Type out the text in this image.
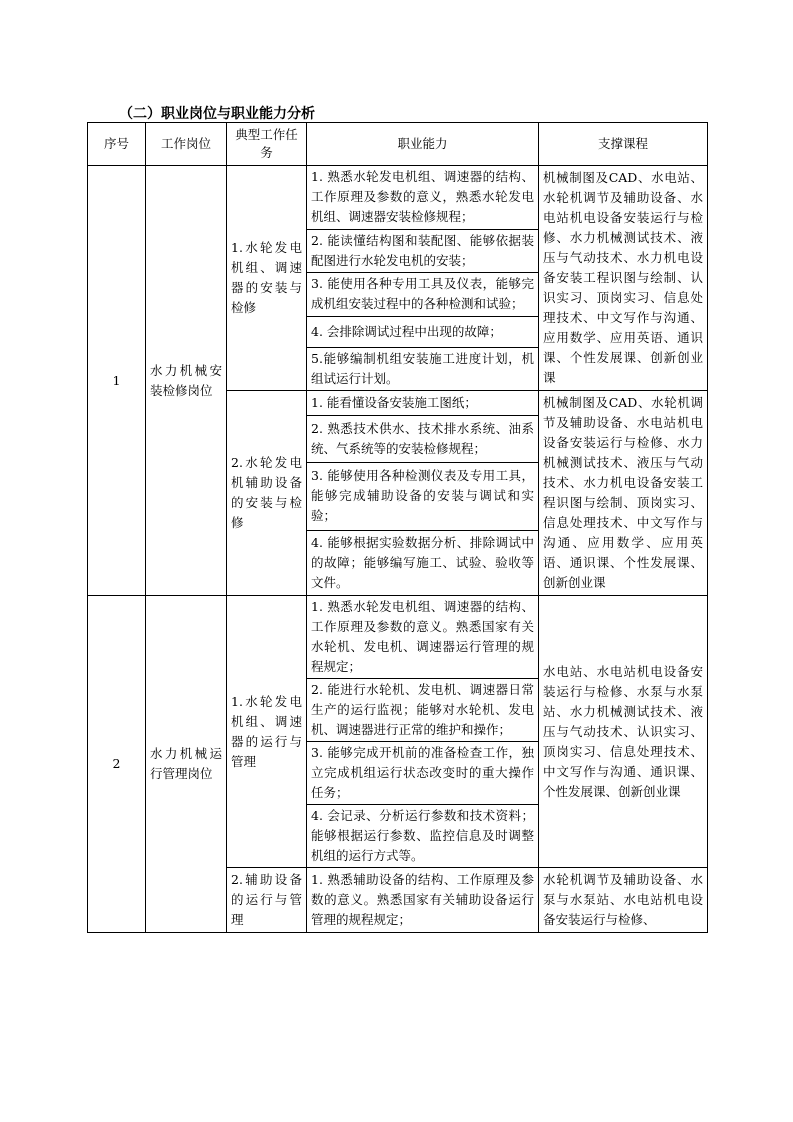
（二）职业岗位与职业能力分析
序号	工作岗位	典型工作任务	职业能力	支撑课程
1	水力机械安装检修岗位	1.水轮发电机组、调速器的安装与检修	1. 熟悉水轮发电机组、调速器的结构、工作原理及参数的意义，熟悉水轮发电机组、调速器安装检修规程；	机械制图及CAD、水电站、水轮机调节及辅助设备、水电站机电设备安装运行与检修、水力机械测试技术、液压与气动技术、水力机电设备安装工程识图与绘制、认识实习、顶岗实习、信息处理技术、中文写作与沟通、应用数学、应用英语、通识课、个性发展课、创新创业课
			2. 能读懂结构图和装配图、能够依据装配图进行水轮发电机的安装；	
			3. 能使用各种专用工具及仪表，能够完成机组安装过程中的各种检测和试验；	
			4. 会排除调试过程中出现的故障；	
			5.能够编制机组安装施工进度计划，机组试运行计划。	
		2.水轮发电机辅助设备的安装与检修	1. 能看懂设备安装施工图纸；	机械制图及CAD、水轮机调节及辅助设备、水电站机电设备安装运行与检修、水力机械测试技术、液压与气动技术、水力机电设备安装工程识图与绘制、顶岗实习、信息处理技术、中文写作与沟通、应用数学、应用英语、通识课、个性发展课、创新创业课
			2. 熟悉技术供水、技术排水系统、油系统、气系统等的安装检修规程；	
			3. 能够使用各种检测仪表及专用工具，能够完成辅助设备的安装与调试和实验；	
			4. 能够根据实验数据分析、排除调试中的故障；能够编写施工、试验、验收等文件。	
2	水力机械运行管理岗位	1.水轮发电机组、调速器的运行与管理	1. 熟悉水轮发电机组、调速器的结构、工作原理及参数的意义。熟悉国家有关水轮机、发电机、调速器运行管理的规程规定；	水电站、水电站机电设备安装运行与检修、水泵与水泵站、水力机械测试技术、液压与气动技术、认识实习、顶岗实习、信息处理技术、中文写作与沟通、通识课、个性发展课、创新创业课
			2. 能进行水轮机、发电机、调速器日常生产的运行监视；能够对水轮机、发电机、调速器进行正常的维护和操作；	
			3. 能够完成开机前的准备检查工作，独立完成机组运行状态改变时的重大操作任务；	
			4. 会记录、分析运行参数和技术资料；能够根据运行参数、监控信息及时调整机组的运行方式等。	
		2.辅助设备的运行与管理	1. 熟悉辅助设备的结构、工作原理及参数的意义。熟悉国家有关辅助设备运行管理的规程规定；	水轮机调节及辅助设备、水泵与水泵站、水电站机电设备安装运行与检修、
